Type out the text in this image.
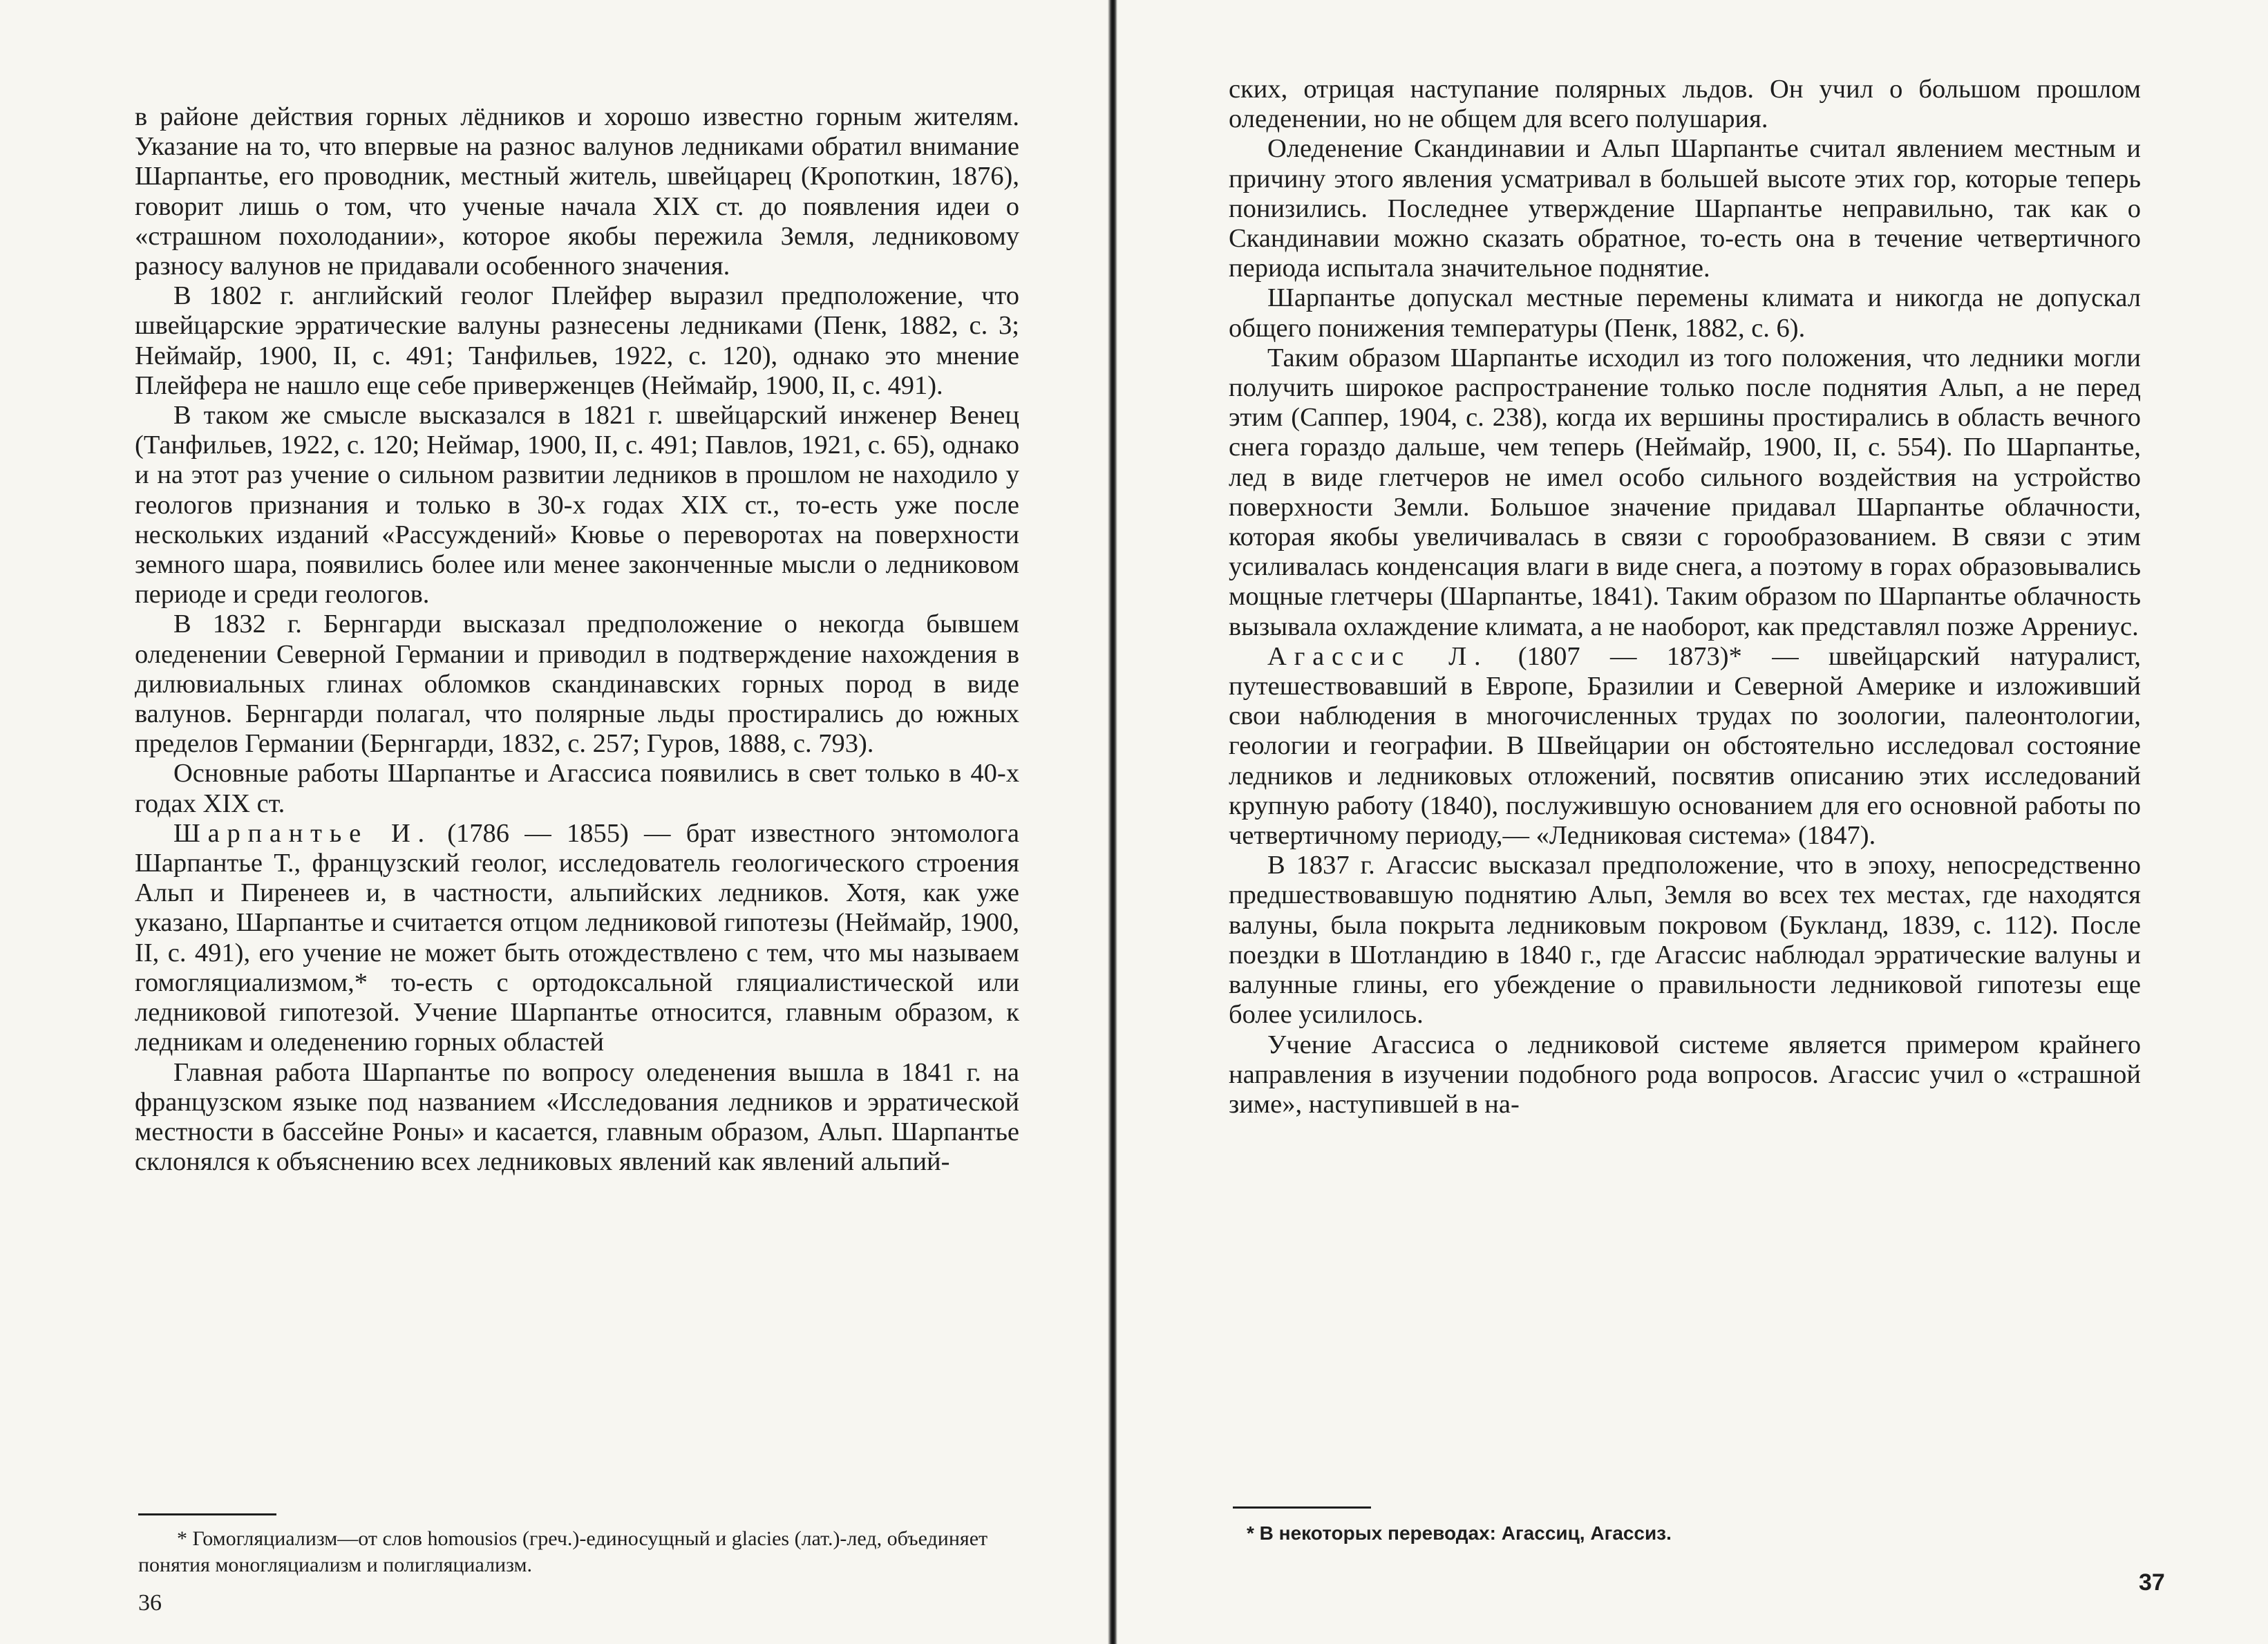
в районе действия горных лёдников и хорошо известно горным жителям. Указание на то, что впервые на разнос валунов ледниками обратил внимание Шарпантье, его проводник, местный житель, швейцарец (Кропоткин, 1876), говорит лишь о том, что ученые начала XIX ст. до появления идеи о «страшном похолодании», которое якобы пережила Земля, ледниковому разносу валунов не придавали особенного значения.

В 1802 г. английский геолог Плейфер выразил предположение, что швейцарские эрратические валуны разнесены ледниками (Пенк, 1882, с. 3; Неймайр, 1900, II, с. 491; Танфильев, 1922, с. 120), однако это мнение Плейфера не нашло еще себе приверженцев (Неймайр, 1900, II, с. 491).

В таком же смысле высказался в 1821 г. швейцарский инженер Венец (Танфильев, 1922, с. 120; Неймар, 1900, II, с. 491; Павлов, 1921, с. 65), однако и на этот раз учение о сильном развитии ледников в прошлом не находило у геологов признания и только в 30-х годах XIX ст., то-есть уже после нескольких изданий «Рассуждений» Кювье о переворотах на поверхности земного шара, появились более или менее законченные мысли о ледниковом периоде и среди геологов.

В 1832 г. Бернгарди высказал предположение о некогда бывшем оледенении Северной Германии и приводил в подтверждение нахождения в дилювиальных глинах обломков скандинавских горных пород в виде валунов. Бернгарди полагал, что полярные льды простирались до южных пределов Германии (Бернгарди, 1832, с. 257; Гуров, 1888, с. 793).

Основные работы Шарпантье и Агассиса появились в свет только в 40-х годах XIX ст.

Шарпантье И. (1786 — 1855) — брат известного энтомолога Шарпантье Т., французский геолог, исследователь геологического строения Альп и Пиренеев и, в частности, альпийских ледников. Хотя, как уже указано, Шарпантье и считается отцом ледниковой гипотезы (Неймайр, 1900, II, с. 491), его учение не может быть отождествлено с тем, что мы называем гомогляциализмом,* то-есть с ортодоксальной гляциалистической или ледниковой гипотезой. Учение Шарпантье относится, главным образом, к ледникам и оледенению горных областей

Главная работа Шарпантье по вопросу оледенения вышла в 1841 г. на французском языке под названием «Исследования ледников и эрратической местности в бассейне Роны» и касается, главным образом, Альп. Шарпантье склонялся к объяснению всех ледниковых явлений как явлений альпий-

* Гомогляциализм—от слов homousios (греч.)-единосущный и glacies (лат.)-лед, объединяет понятия моногляциализм и полигляциализм.
36

ских, отрицая наступание полярных льдов. Он учил о большом прошлом оледенении, но не общем для всего полушария.

Оледенение Скандинавии и Альп Шарпантье считал явлением местным и причину этого явления усматривал в большей высоте этих гор, которые теперь понизились. Последнее утверждение Шарпантье неправильно, так как о Скандинавии можно сказать обратное, то-есть она в течение четвертичного периода испытала значительное поднятие.

Шарпантье допускал местные перемены климата и никогда не допускал общего понижения температуры (Пенк, 1882, с. 6).

Таким образом Шарпантье исходил из того положения, что ледники могли получить широкое распространение только после поднятия Альп, а не перед этим (Саппер, 1904, с. 238), когда их вершины простирались в область вечного снега гораздо дальше, чем теперь (Неймайр, 1900, II, с. 554). По Шарпантье, лед в виде глетчеров не имел особо сильного воздействия на устройство поверхности Земли. Большое значение придавал Шарпантье облачности, которая якобы увеличивалась в связи с горообразованием. В связи с этим усиливалась конденсация влаги в виде снега, а поэтому в горах образовывались мощные глетчеры (Шарпантье, 1841). Таким образом по Шарпантье облачность вызывала охлаждение климата, а не наоборот, как представлял позже Аррениус.

Агассис Л. (1807 — 1873)* — швейцарский натуралист, путешествовавший в Европе, Бразилии и Северной Америке и изложивший свои наблюдения в многочисленных трудах по зоологии, палеонтологии, геологии и географии. В Швейцарии он обстоятельно исследовал состояние ледников и ледниковых отложений, посвятив описанию этих исследований крупную работу (1840), послужившую основанием для его основной работы по четвертичному периоду,— «Ледниковая система» (1847).

В 1837 г. Агассис высказал предположение, что в эпоху, непосредственно предшествовавшую поднятию Альп, Земля во всех тех местах, где находятся валуны, была покрыта ледниковым покровом (Букланд, 1839, с. 112). После поездки в Шотландию в 1840 г., где Агассис наблюдал эрратические валуны и валунные глины, его убеждение о правильности ледниковой гипотезы еще более усилилось.

Учение Агассиса о ледниковой системе является примером крайнего направления в изучении подобного рода вопросов. Агассис учил о «страшной зиме», наступившей в на-

* В некоторых переводах: Агассиц, Агассиз.
37
